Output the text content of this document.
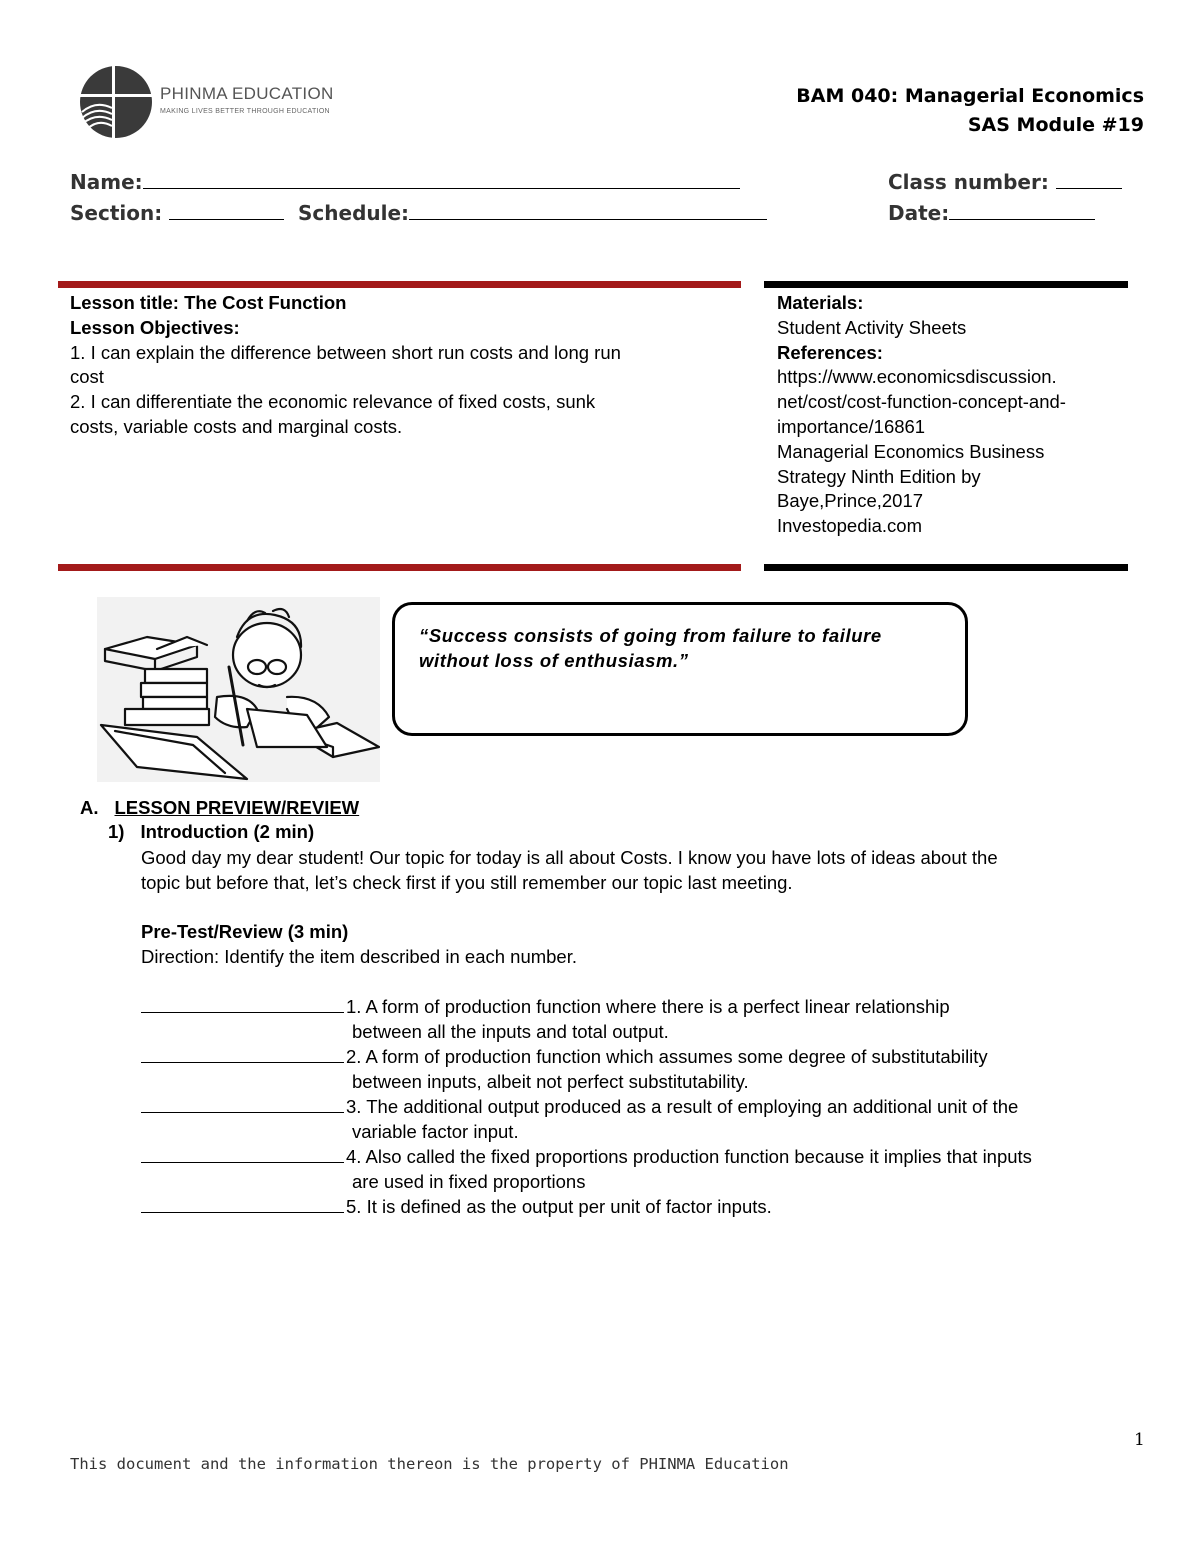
PHINMA EDUCATION
MAKING LIVES BETTER THROUGH EDUCATION
BAM 040: Managerial Economics
SAS Module #19
Name:	Class number:
Section:	Schedule:	Date:
Lesson title: The Cost Function
Lesson Objectives:
1. I can explain the difference between short run costs and long run
cost
2. I can differentiate the economic relevance of fixed costs, sunk
costs, variable costs and marginal costs.
Materials:
Student Activity Sheets
References:
https://www.economicsdiscussion.
net/cost/cost-function-concept-and-
importance/16861
Managerial Economics Business
Strategy Ninth Edition by
Baye,Prince,2017
Investopedia.com
“Success consists of going from failure to failure
without loss of enthusiasm.”
A. LESSON PREVIEW/REVIEW
1) Introduction (2 min)
Good day my dear student! Our topic for today is all about Costs. I know you have lots of ideas about the
topic but before that, let’s check first if you still remember our topic last meeting.
Pre-Test/Review (3 min)
Direction: Identify the item described in each number.
1. A form of production function where there is a perfect linear relationship
between all the inputs and total output.
2. A form of production function which assumes some degree of substitutability
between inputs, albeit not perfect substitutability.
3. The additional output produced as a result of employing an additional unit of the
variable factor input.
4. Also called the fixed proportions production function because it implies that inputs
are used in fixed proportions
5. It is defined as the output per unit of factor inputs.
1
This document and the information thereon is the property of PHINMA Education
